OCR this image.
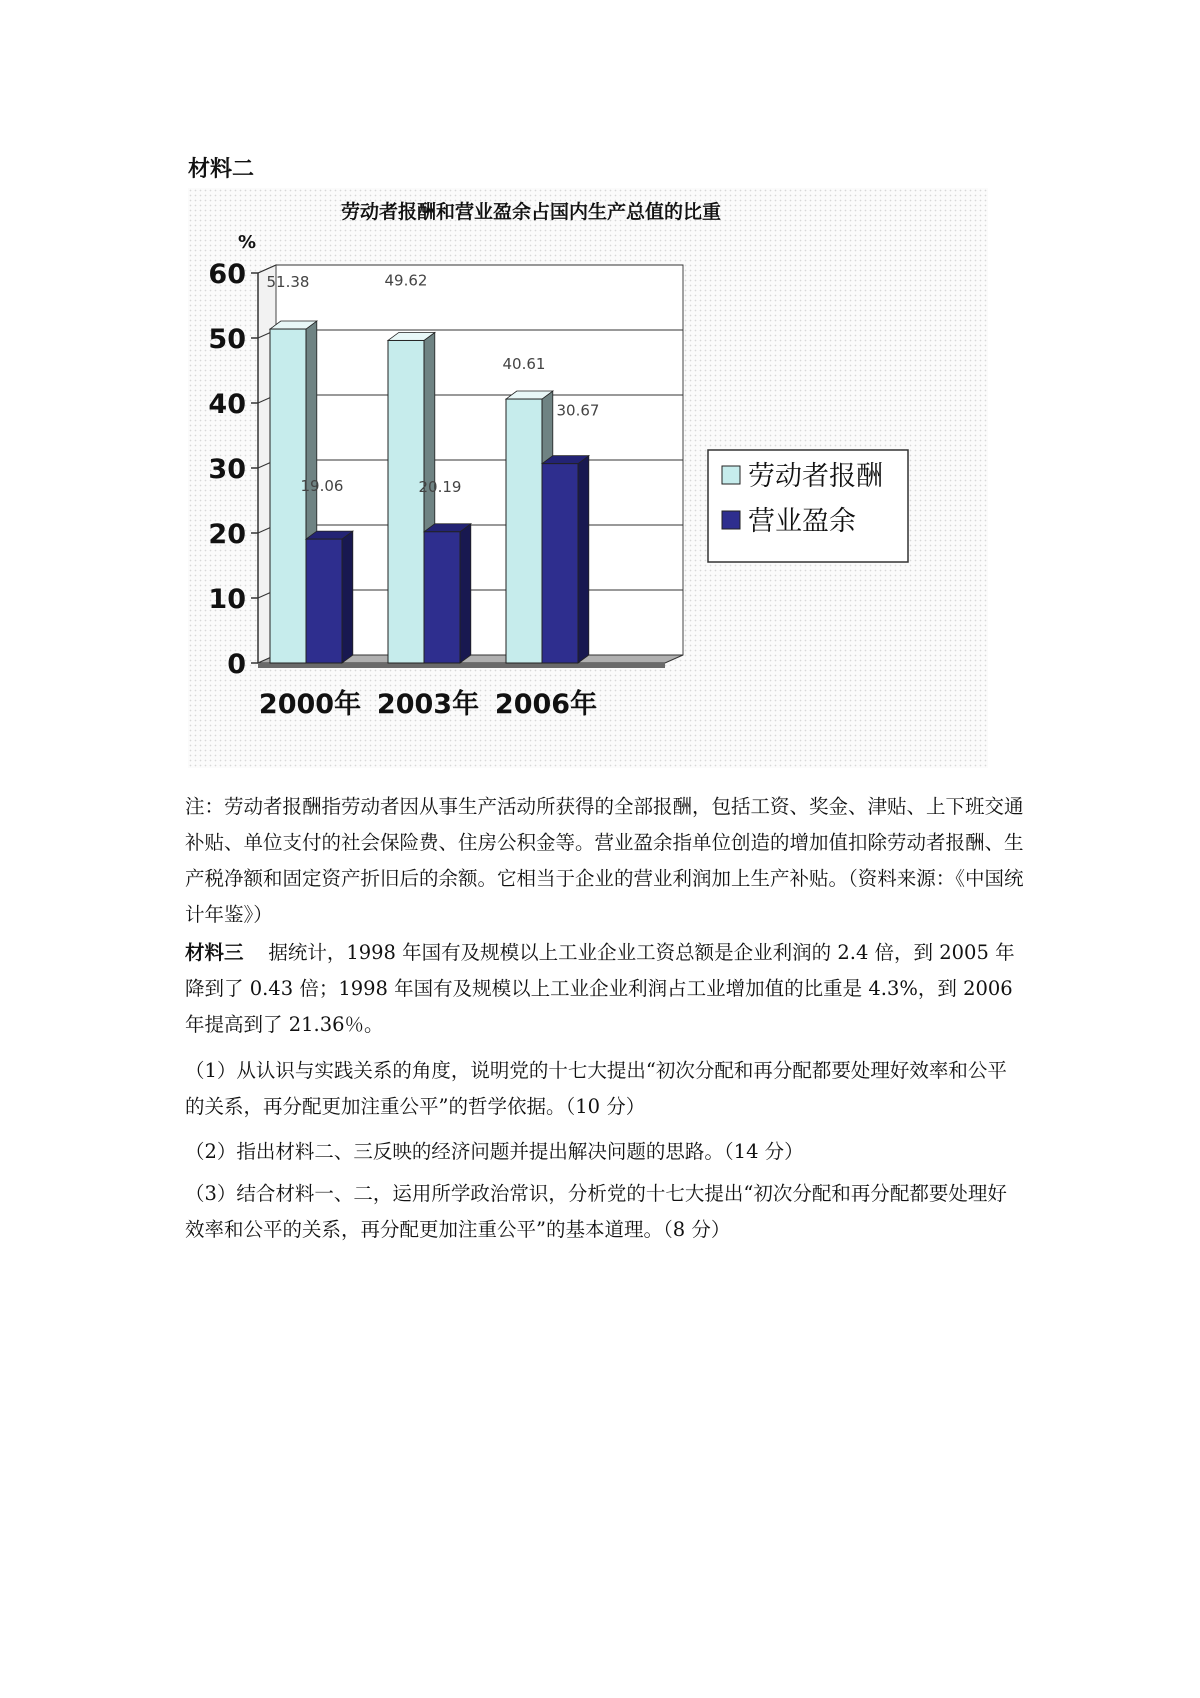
材料二
劳动者报酬和营业盈余占国内生产总值的比重
%
0
10
20
30
40
50
60 51.38
19.06
2000年
49.62
20.19
2003年
40.61
30.67
2006年
劳动者报酬
营业盈余

注：劳动者报酬指劳动者因从事生产活动所获得的全部报酬，包括工资、奖金、津贴、上下班交通补贴、单位支付的社会保险费、住房公积金等。营业盈余指单位创造的增加值扣除劳动者报酬、生产税净额和固定资产折旧后的余额。它相当于企业的营业利润加上生产补贴。（资料来源：《中国统计年鉴》）

材料三 据统计，1998 年国有及规模以上工业企业工资总额是企业利润的 2.4 倍，到 2005 年降到了 0.43 倍；1998 年国有及规模以上工业企业利润占工业增加值的比重是 4.3%，到 2006 年提高到了 21.36％。

（1）从认识与实践关系的角度，说明党的十七大提出“初次分配和再分配都要处理好效率和公平的关系，再分配更加注重公平”的哲学依据。（10 分）

（2）指出材料二、三反映的经济问题并提出解决问题的思路。（14 分）

（3）结合材料一、二，运用所学政治常识，分析党的十七大提出“初次分配和再分配都要处理好效率和公平的关系，再分配更加注重公平”的基本道理。（8 分）
